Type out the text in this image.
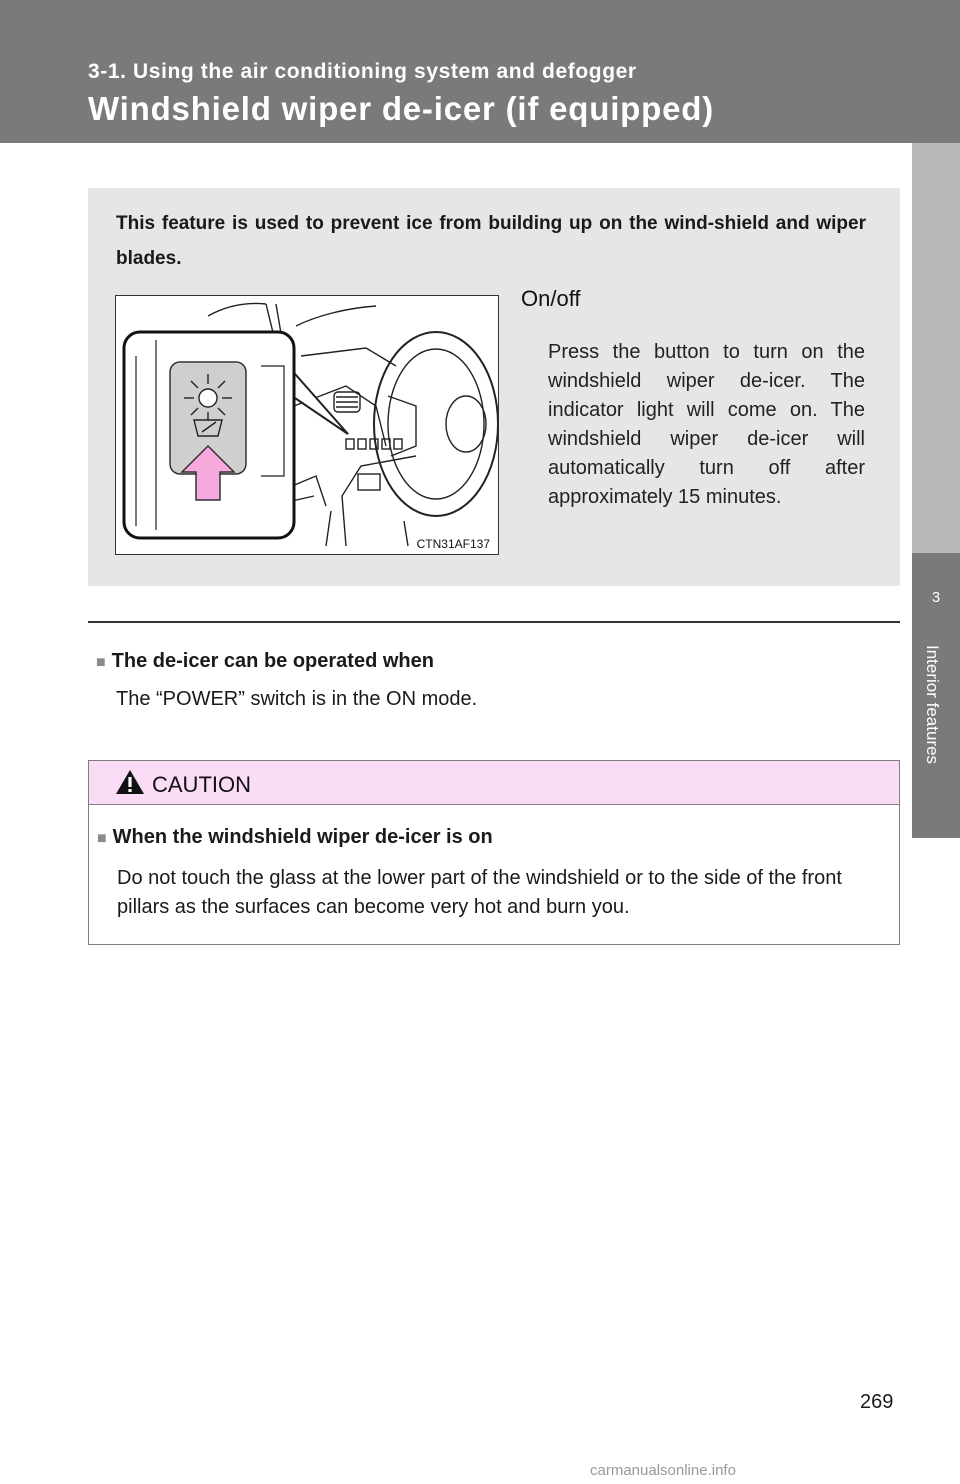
3-1. Using the air conditioning system and defogger
Windshield wiper de-icer (if equipped)
3
Interior features
This feature is used to prevent ice from building up on the wind-shield and wiper blades.
CTN31AF137
On/off
Press the button to turn on the windshield wiper de-icer. The indicator light will come on. The windshield wiper de-icer will automatically turn off after approximately 15 minutes.
■ The de-icer can be operated when
The “POWER” switch is in the ON mode.
CAUTION
■ When the windshield wiper de-icer is on
Do not touch the glass at the lower part of the windshield or to the side of the front pillars as the surfaces can become very hot and burn you.
269
carmanualsonline.info
